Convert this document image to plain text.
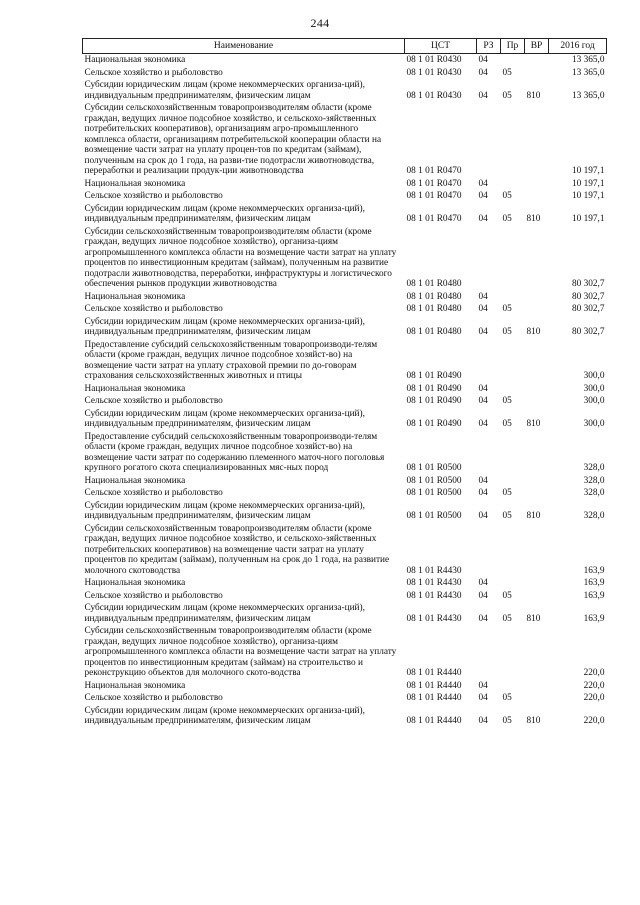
244
Наименование	ЦСТ	РЗ	Пр	ВР	2016 год
Национальная экономика	08 1 01 R0430	04			13 365,0
Сельское хозяйство и рыболовство	08 1 01 R0430	04	05		13 365,0
Субсидии юридическим лицам (кроме некоммерческих организа-ций), индивидуальным предпринимателям, физическим лицам	08 1 01 R0430	04	05	810	13 365,0
Субсидии сельскохозяйственным товаропроизводителям области (кроме граждан, ведущих личное подсобное хозяйство, и сельскохо-зяйственных потребительских кооперативов), организациям агро-промышленного комплекса области, организациям потребительской кооперации области на возмещение части затрат на уплату процен-тов по кредитам (займам), полученным на срок до 1 года, на разви-тие подотрасли животноводства, переработки и реализации продук-ции животноводства	08 1 01 R0470				10 197,1
Национальная экономика	08 1 01 R0470	04			10 197,1
Сельское хозяйство и рыболовство	08 1 01 R0470	04	05		10 197,1
Субсидии юридическим лицам (кроме некоммерческих организа-ций), индивидуальным предпринимателям, физическим лицам	08 1 01 R0470	04	05	810	10 197,1
Субсидии сельскохозяйственным товаропроизводителям области (кроме граждан, ведущих личное подсобное хозяйство), организа-циям агропромышленного комплекса области на возмещение части затрат на уплату процентов по инвестиционным кредитам (займам), полученным на развитие подотрасли животноводства, переработки, инфраструктуры и логистического обеспечения рынков продукции животноводства	08 1 01 R0480				80 302,7
Национальная экономика	08 1 01 R0480	04			80 302,7
Сельское хозяйство и рыболовство	08 1 01 R0480	04	05		80 302,7
Субсидии юридическим лицам (кроме некоммерческих организа-ций), индивидуальным предпринимателям, физическим лицам	08 1 01 R0480	04	05	810	80 302,7
Предоставление субсидий сельскохозяйственным товаропроизводи-телям области (кроме граждан, ведущих личное подсобное хозяйст-во) на возмещение части затрат на уплату страховой премии по до-говорам страхования сельскохозяйственных животных и птицы	08 1 01 R0490				300,0
Национальная экономика	08 1 01 R0490	04			300,0
Сельское хозяйство и рыболовство	08 1 01 R0490	04	05		300,0
Субсидии юридическим лицам (кроме некоммерческих организа-ций), индивидуальным предпринимателям, физическим лицам	08 1 01 R0490	04	05	810	300,0
Предоставление субсидий сельскохозяйственным товаропроизводи-телям области (кроме граждан, ведущих личное подсобное хозяйст-во) на возмещение части затрат по содержанию племенного маточ-ного поголовья крупного рогатого скота специализированных мяс-ных пород	08 1 01 R0500				328,0
Национальная экономика	08 1 01 R0500	04			328,0
Сельское хозяйство и рыболовство	08 1 01 R0500	04	05		328,0
Субсидии юридическим лицам (кроме некоммерческих организа-ций), индивидуальным предпринимателям, физическим лицам	08 1 01 R0500	04	05	810	328,0
Субсидии сельскохозяйственным товаропроизводителям области (кроме граждан, ведущих личное подсобное хозяйство, и сельскохо-зяйственных потребительских кооперативов) на возмещение части затрат на уплату процентов по кредитам (займам), полученным на срок до 1 года, на развитие молочного скотоводства	08 1 01 R4430				163,9
Национальная экономика	08 1 01 R4430	04			163,9
Сельское хозяйство и рыболовство	08 1 01 R4430	04	05		163,9
Субсидии юридическим лицам (кроме некоммерческих организа-ций), индивидуальным предпринимателям, физическим лицам	08 1 01 R4430	04	05	810	163,9
Субсидии сельскохозяйственным товаропроизводителям области (кроме граждан, ведущих личное подсобное хозяйство), организа-циям агропромышленного комплекса области на возмещение части затрат на уплату процентов по инвестиционным кредитам (займам) на строительство и реконструкцию объектов для молочного ското-водства	08 1 01 R4440				220,0
Национальная экономика	08 1 01 R4440	04			220,0
Сельское хозяйство и рыболовство	08 1 01 R4440	04	05		220,0
Субсидии юридическим лицам (кроме некоммерческих организа-ций), индивидуальным предпринимателям, физическим лицам	08 1 01 R4440	04	05	810	220,0
